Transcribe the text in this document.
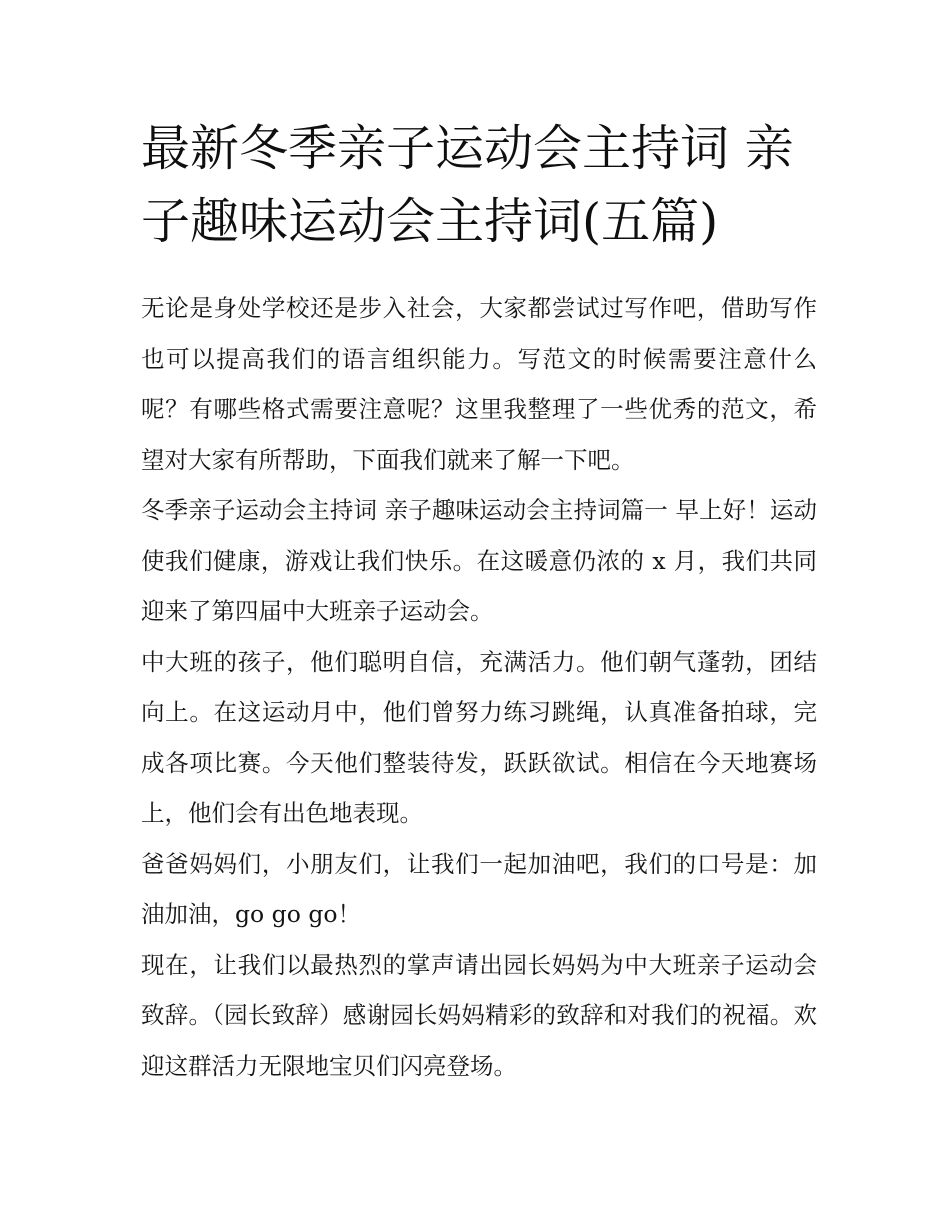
最新冬季亲子运动会主持词 亲子趣味运动会主持词(五篇)

无论是身处学校还是步入社会，大家都尝试过写作吧，借助写作也可以提高我们的语言组织能力。写范文的时候需要注意什么呢？有哪些格式需要注意呢？这里我整理了一些优秀的范文，希望对大家有所帮助，下面我们就来了解一下吧。

冬季亲子运动会主持词 亲子趣味运动会主持词篇一 早上好！运动使我们健康，游戏让我们快乐。在这暖意仍浓的 x 月，我们共同迎来了第四届中大班亲子运动会。

中大班的孩子，他们聪明自信，充满活力。他们朝气蓬勃，团结向上。在这运动月中，他们曾努力练习跳绳，认真准备拍球，完成各项比赛。今天他们整装待发，跃跃欲试。相信在今天地赛场上，他们会有出色地表现。

爸爸妈妈们，小朋友们，让我们一起加油吧，我们的口号是：加油加油，go go go！

现在，让我们以最热烈的掌声请出园长妈妈为中大班亲子运动会致辞。（园长致辞）感谢园长妈妈精彩的致辞和对我们的祝福。欢迎这群活力无限地宝贝们闪亮登场。
